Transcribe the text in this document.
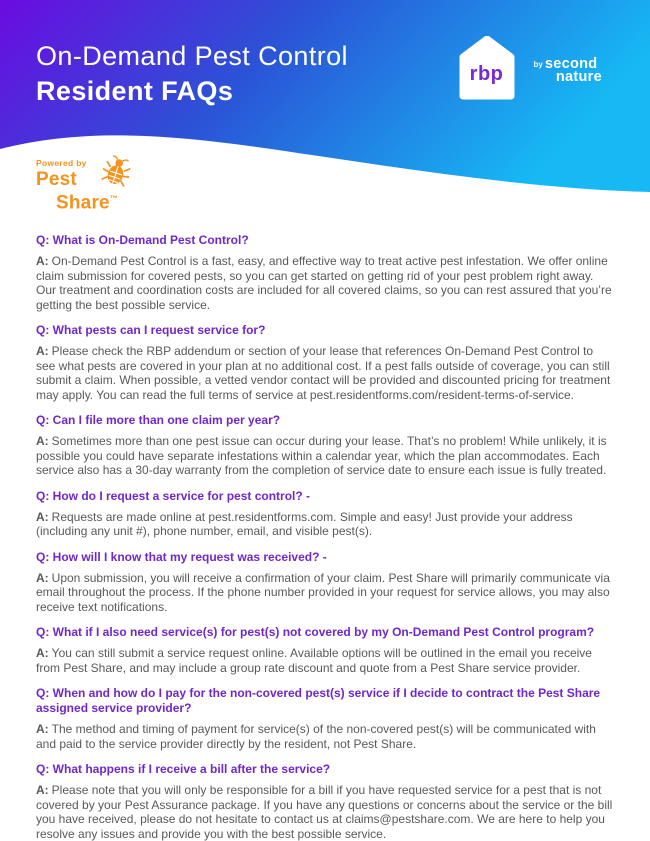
On-Demand Pest Control
Resident FAQs
rbp	by second
nature
Powered by
Pest
Share™
Q: What is On-Demand Pest Control?

A: On-Demand Pest Control is a fast, easy, and effective way to treat active pest infestation. We offer online claim submission for covered pests, so you can get started on getting rid of your pest problem right away. Our treatment and coordination costs are included for all covered claims, so you can rest assured that you’re getting the best possible service.

Q: What pests can I request service for?

A: Please check the RBP addendum or section of your lease that references On-Demand Pest Control to see what pests are covered in your plan at no additional cost. If a pest falls outside of coverage, you can still submit a claim. When possible, a vetted vendor contact will be provided and discounted pricing for treatment may apply. You can read the full terms of service at pest.residentforms.com/resident-terms-of-service.

Q: Can I file more than one claim per year?

A: Sometimes more than one pest issue can occur during your lease. That’s no problem! While unlikely, it is possible you could have separate infestations within a calendar year, which the plan accommodates. Each service also has a 30-day warranty from the completion of service date to ensure each issue is fully treated.

Q: How do I request a service for pest control? -

A: Requests are made online at pest.residentforms.com. Simple and easy! Just provide your address (including any unit #), phone number, email, and visible pest(s).

Q: How will I know that my request was received? -

A: Upon submission, you will receive a confirmation of your claim. Pest Share will primarily communicate via email throughout the process. If the phone number provided in your request for service allows, you may also receive text notifications.

Q: What if I also need service(s) for pest(s) not covered by my On-Demand Pest Control program?

A: You can still submit a service request online. Available options will be outlined in the email you receive from Pest Share, and may include a group rate discount and quote from a Pest Share service provider.

Q: When and how do I pay for the non-covered pest(s) service if I decide to contract the Pest Share assigned service provider?

A: The method and timing of payment for service(s) of the non-covered pest(s) will be communicated with and paid to the service provider directly by the resident, not Pest Share.

Q: What happens if I receive a bill after the service?

A: Please note that you will only be responsible for a bill if you have requested service for a pest that is not covered by your Pest Assurance package. If you have any questions or concerns about the service or the bill you have received, please do not hesitate to contact us at claims@pestshare.com. We are here to help you resolve any issues and provide you with the best possible service.
